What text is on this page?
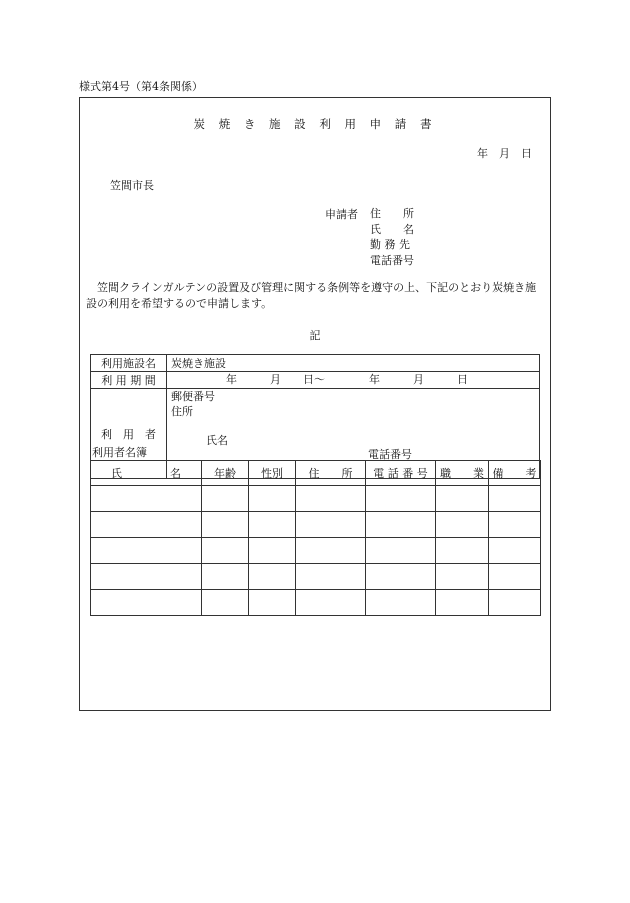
様式第4号（第4条関係）
炭 焼 き 施 設 利 用 申 請 書
年　月　日
笠間市長
申請者 住　　所
氏　　名
勤 務 先
電話番号
笠間クラインガルテンの設置及び管理に関する条例等を遵守の上、下記のとおり炭焼き施設の利用を希望するので申請します。
記
利用施設名	炭焼き施設
利 用 期 間	　　　　　年　　　月　　日～　　　　年　　　月　　　日
利　用　者	郵便番号
住所

氏名

電話番号

利用者名簿
氏　　名	年齢	性別	住　　所	電 話 番 号	職　　業	備　　考
